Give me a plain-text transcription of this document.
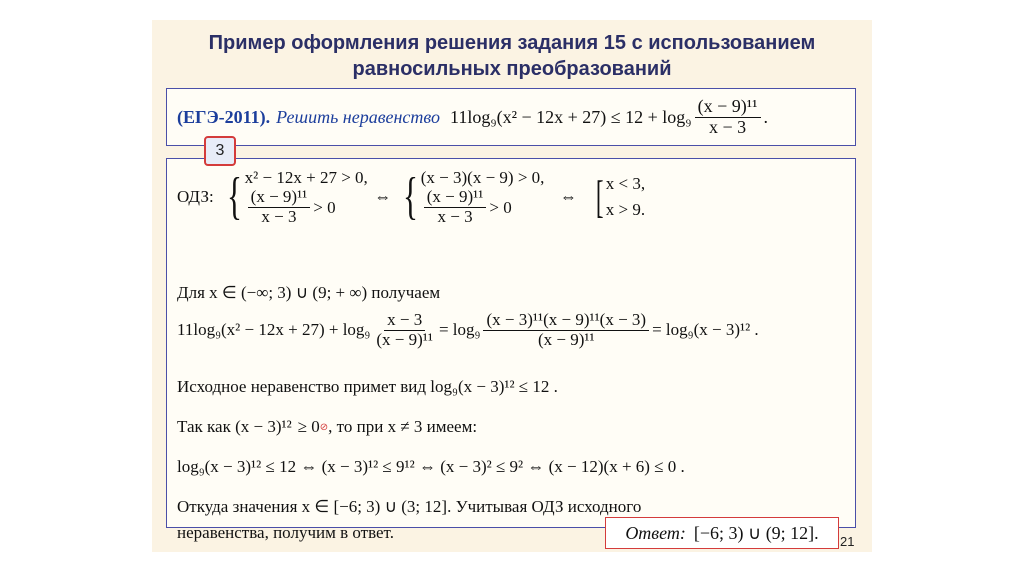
Пример оформления решения задания 15 с использованием
равносильных преобразований
(ЕГЭ-2011). Решить неравенство $11\log_9(x^2 - 12x + 27) \le 12 + \log_9 \frac{\text{(x − 9)¹¹}}{x - 3}$ .
ОДЗ: { x² − 12x + 27 > 0,
$\frac{\text{(x − 9)¹¹}}{x - 3} > 0$
⇔ { (x − 3)(x − 9) > 0,
$\frac{\text{(x − 9)¹¹}}{x - 3} > 0$
⇔ [ x < 3,
x > 9.
Для x ∈ (−∞; 3) ∪ (9; + ∞) получаем
$11\log_9(x^2 - 12x + 27) + \log_9 \frac{x - 3}{\text{(x − 9)¹¹}} = \log_9 \frac{\text{(x − 3)¹¹(x − 9)¹¹(x − 3)}}{\text{(x − 9)¹¹}} = \log_9(x - 3)^{12}$ .
Исходное неравенство примет вид log₉(x − 3)¹² ≤ 12 .
Так как (x − 3)¹² ≥ 0 ⊘ , то при x ≠ 3 имеем:
log₉(x − 3)¹² ≤ 12 ⇔ (x − 3)¹² ≤ 9¹² ⇔ (x − 3)² ≤ 9² ⇔ (x − 12)(x + 6) ≤ 0 .
Откуда значения x ∈ [−6; 3) ∪ (3; 12]. Учитывая ОДЗ исходного
неравенства, получим в ответ.	Ответ: [−6; 3) ∪ (9; 12].
3
21
